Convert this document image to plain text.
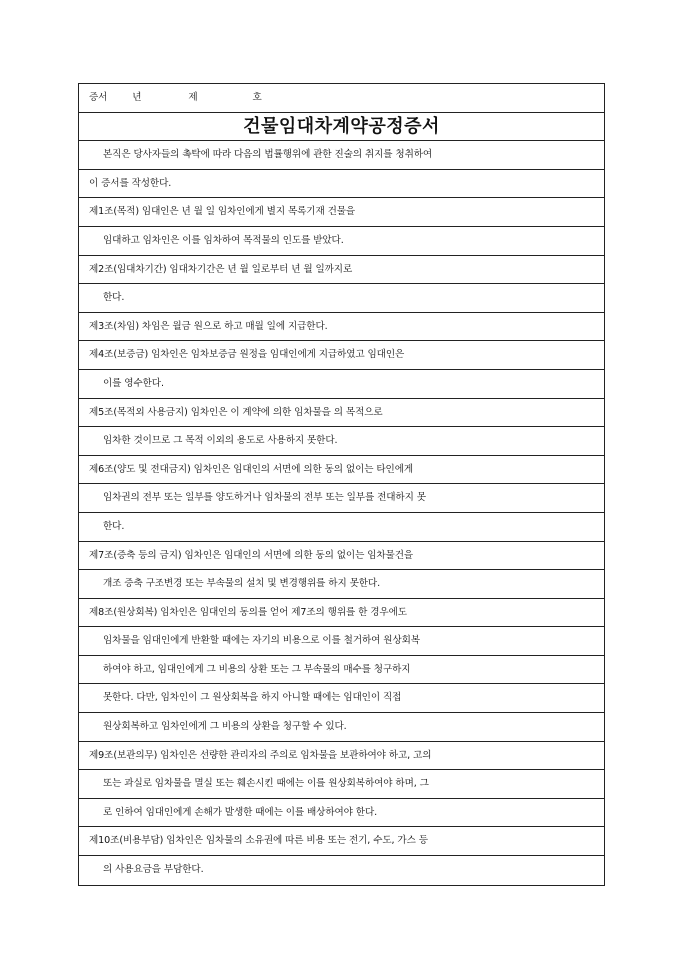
증서	년	제	호
건물임대차계약공정증서
본직은 당사자들의 촉탁에 따라 다음의 법률행위에 관한 진술의 취지를 청취하여
이 증서를 작성한다.
제1조(목적) 임대인은 년 월 일 임차인에게 별지 목록기재 건물을
임대하고 임차인은 이를 임차하여 목적물의 인도를 받았다.
제2조(임대차기간) 임대차기간은 년 월 일로부터 년 월 일까지로
한다.
제3조(차임) 차임은 월금 원으로 하고 매월 일에 지급한다.
제4조(보증금) 임차인은 임차보증금 원정을 임대인에게 지급하였고 임대인은
이를 영수한다.
제5조(목적외 사용금지) 임차인은 이 계약에 의한 임차물을 의 목적으로
임차한 것이므로 그 목적 이외의 용도로 사용하지 못한다.
제6조(양도 및 전대금지) 임차인은 임대인의 서면에 의한 동의 없이는 타인에게
임차권의 전부 또는 일부를 양도하거나 임차물의 전부 또는 일부를 전대하지 못
한다.
제7조(증축 등의 금지) 임차인은 임대인의 서면에 의한 동의 없이는 임차물건을
개조 증축 구조변경 또는 부속물의 설치 및 변경행위를 하지 못한다.
제8조(원상회복) 임차인은 임대인의 동의를 얻어 제7조의 행위를 한 경우에도
임차물을 임대인에게 반환할 때에는 자기의 비용으로 이를 철거하여 원상회복
하여야 하고, 임대인에게 그 비용의 상환 또는 그 부속물의 매수를 청구하지
못한다. 다만, 임차인이 그 원상회복을 하지 아니할 때에는 임대인이 직접
원상회복하고 임차인에게 그 비용의 상환을 청구할 수 있다.
제9조(보관의무) 임차인은 선량한 관리자의 주의로 임차물을 보관하여야 하고, 고의
또는 과실로 임차물을 멸실 또는 훼손시킨 때에는 이를 원상회복하여야 하며, 그
로 인하여 임대인에게 손해가 발생한 때에는 이를 배상하여야 한다.
제10조(비용부담) 임차인은 임차물의 소유권에 따른 비용 또는 전기, 수도, 가스 등
의 사용요금을 부담한다.
